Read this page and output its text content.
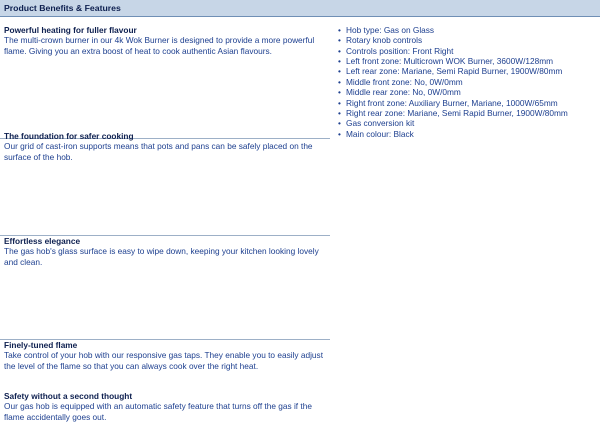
Product Benefits & Features
Powerful heating for fuller flavour
The multi-crown burner in our 4k Wok Burner is designed to provide a more powerful flame. Giving you an extra boost of heat to cook authentic Asian flavours.
The foundation for safer cooking
Our grid of cast-iron supports means that pots and pans can be safely placed on the surface of the hob.
Effortless elegance
The gas hob's glass surface is easy to wipe down, keeping your kitchen looking lovely and clean.
Finely-tuned flame
Take control of your hob with our responsive gas taps. They enable you to easily adjust the level of the flame so that you can always cook over the right heat.
Safety without a second thought
Our gas hob is equipped with an automatic safety feature that turns off the gas if the flame accidentally goes out.
• Hob type: Gas on Glass
• Rotary knob controls
• Controls position: Front Right
• Left front zone: Multicrown WOK Burner, 3600W/128mm
• Left rear zone: Mariane, Semi Rapid Burner, 1900W/80mm
• Middle front zone: No, 0W/0mm
• Middle rear zone: No, 0W/0mm
• Right front zone: Auxiliary Burner, Mariane, 1000W/65mm
• Right rear zone: Mariane, Semi Rapid Burner, 1900W/80mm
• Gas conversion kit
• Main colour: Black
